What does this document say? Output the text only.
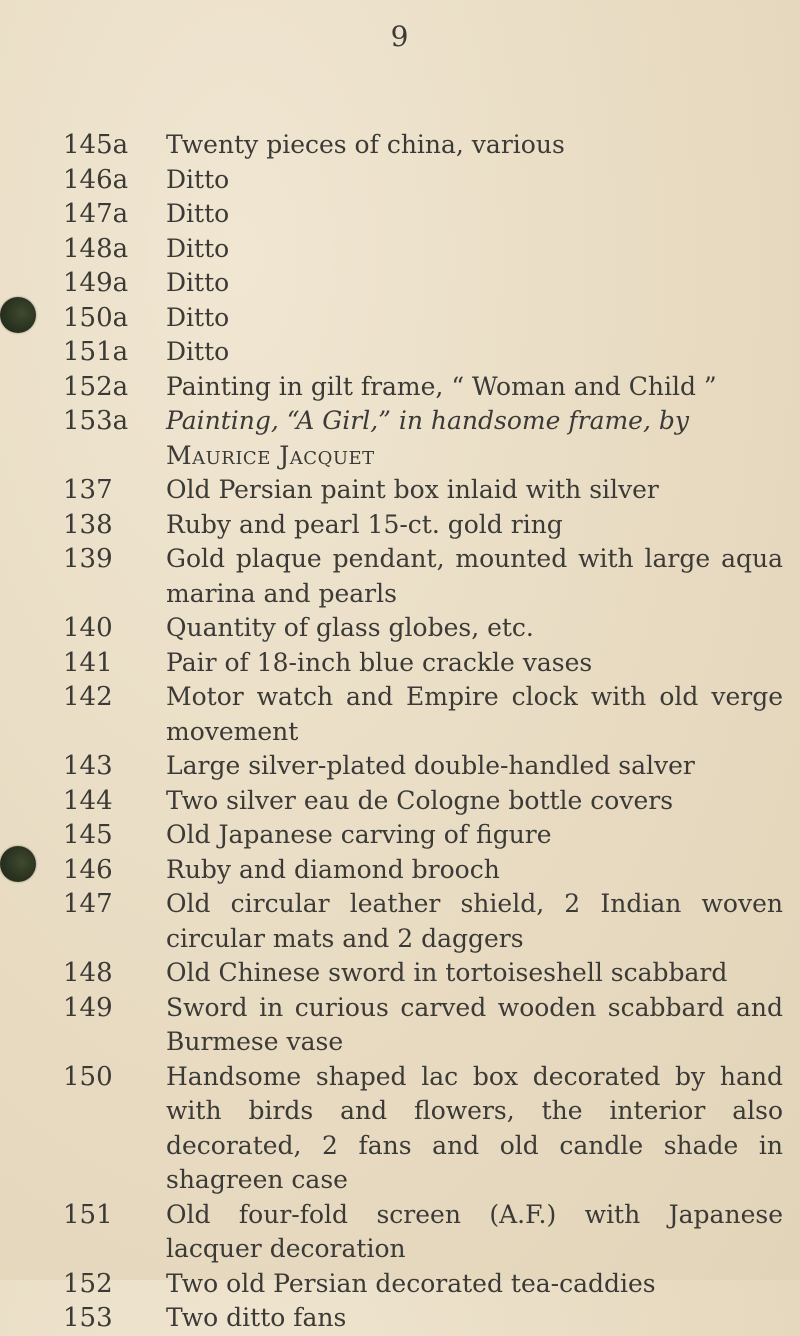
9
145a	Twenty pieces of china, various
146a	Ditto
147a	Ditto
148a	Ditto
149a	Ditto
150a	Ditto
151a	Ditto
152a	Painting in gilt frame, “ Woman and Child ”
153a	Painting, “A Girl,” in handsome frame, by
Maurice Jacquet
137	Old Persian paint box inlaid with silver
138	Ruby and pearl 15-ct. gold ring
139	Gold plaque pendant, mounted with large aqua marina and pearls
140	Quantity of glass globes, etc.
141	Pair of 18-inch blue crackle vases
142	Motor watch and Empire clock with old verge movement
143	Large silver-plated double-handled salver
144	Two silver eau de Cologne bottle covers
145	Old Japanese carving of figure
146	Ruby and diamond brooch
147	Old circular leather shield, 2 Indian woven circular mats and 2 daggers
148	Old Chinese sword in tortoiseshell scabbard
149	Sword in curious carved wooden scabbard and Burmese vase
150	Handsome shaped lac box decorated by hand with birds and flowers, the interior also decorated, 2 fans and old candle shade in shagreen case
151	Old four-fold screen (A.F.) with Japanese lacquer decoration
152	Two old Persian decorated tea-caddies
153	Two ditto fans
